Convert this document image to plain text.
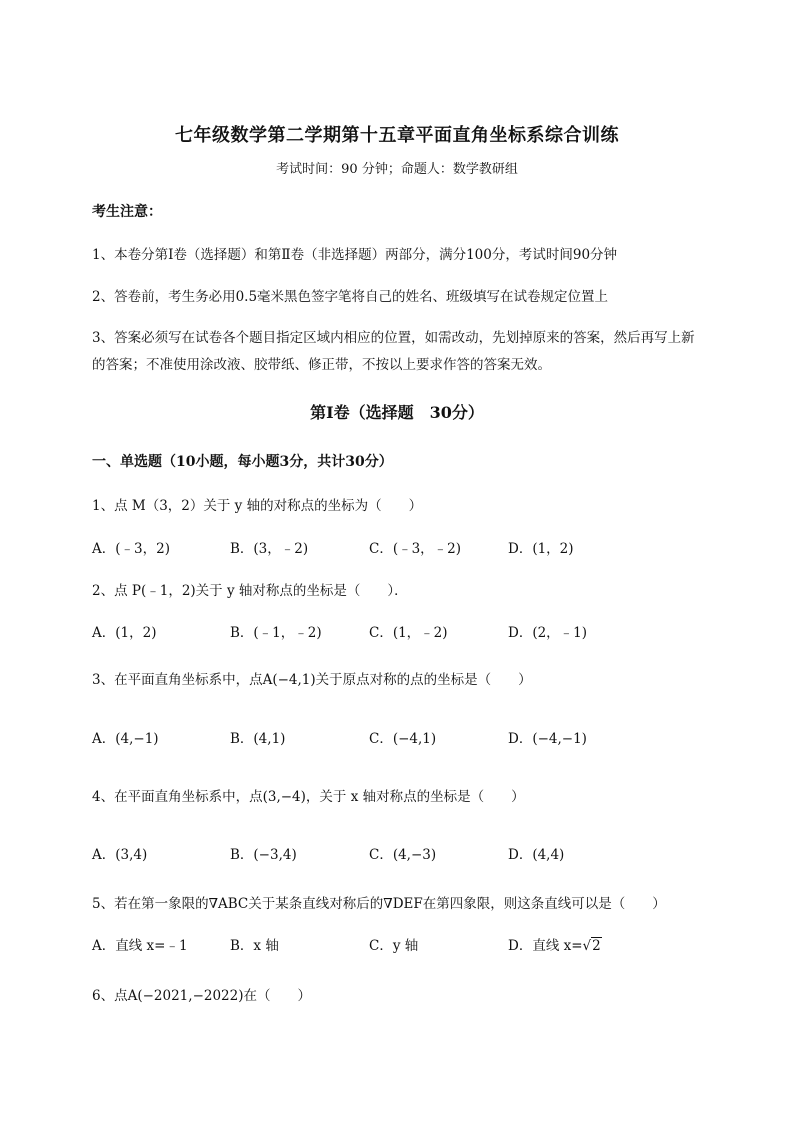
七年级数学第二学期第十五章平面直角坐标系综合训练
考试时间：90 分钟；命题人：数学教研组
考生注意：
1、本卷分第Ⅰ卷（选择题）和第Ⅱ卷（非选择题）两部分，满分100分，考试时间90分钟
2、答卷前，考生务必用0.5毫米黑色签字笔将自己的姓名、班级填写在试卷规定位置上
3、答案必须写在试卷各个题目指定区域内相应的位置，如需改动，先划掉原来的答案，然后再写上新
的答案；不准使用涂改液、胶带纸、修正带，不按以上要求作答的答案无效。
第Ⅰ卷（选择题　30分）
一、单选题（10小题，每小题3分，共计30分）
1、点 M（3，2）关于 y 轴的对称点的坐标为（　　）
A．(﹣3，2)	B．(3，﹣2)	C．(﹣3，﹣2)	D．(1，2)
2、点 P(﹣1，2)关于 y 轴对称点的坐标是（　　）．
A．(1，2)	B．(﹣1，﹣2)	C．(1，﹣2)	D．(2，﹣1)
3、在平面直角坐标系中，点A(−4,1)关于原点对称的点的坐标是（　　）
A．(4,−1)	B．(4,1)	C．(−4,1)	D．(−4,−1)
4、在平面直角坐标系中，点(3,−4)，关于 x 轴对称点的坐标是（　　）
A．(3,4)	B．(−3,4)	C．(4,−3)	D．(4,4)
5、若在第一象限的∇ABC关于某条直线对称后的∇DEF在第四象限，则这条直线可以是（　　）
A．直线 x=﹣1	B．x 轴	C．y 轴	D．直线 x=√2
6、点A(−2021,−2022)在（　　）
